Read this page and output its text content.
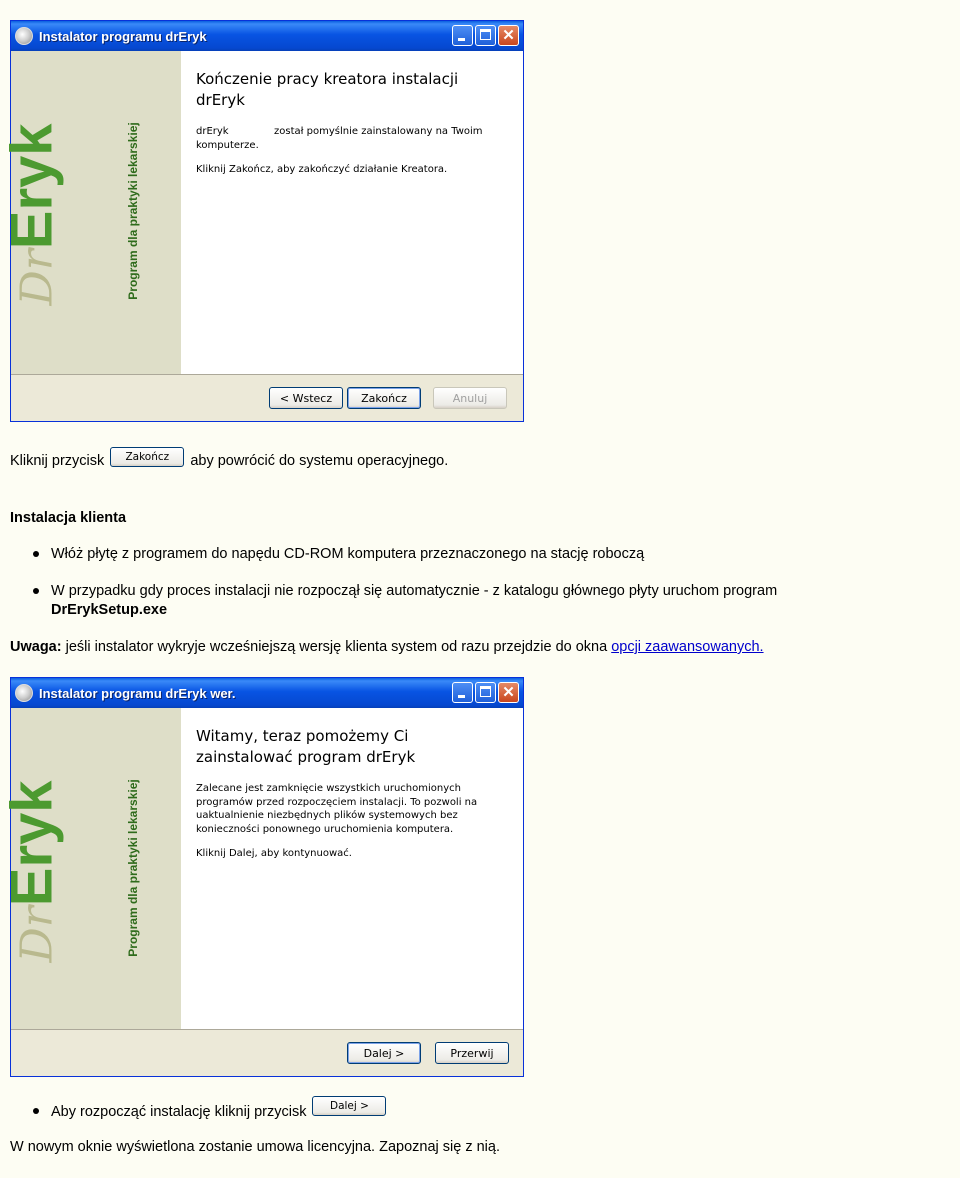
Instalator programu drEryk	✕
DrEryk	Program dla praktyki lekarskiej
Kończenie pracy kreatora instalacji
drEryk
drEryk	został pomyślnie zainstalowany na Twoim
komputerze.
Kliknij Zakończ, aby zakończyć działanie Kreatora.
< Wstecz	Zakończ	Anuluj
Kliknij przycisk Zakończ aby powrócić do systemu operacyjnego.
Instalacja klienta
Włóż płytę z programem do napędu CD-ROM komputera przeznaczonego na stację roboczą
W przypadku gdy proces instalacji nie rozpoczął się automatycznie - z katalogu głównego płyty uruchom program
DrErykSetup.exe
Uwaga: jeśli instalator wykryje wcześniejszą wersję klienta system od razu przejdzie do okna opcji zaawansowanych.
Instalator programu drEryk wer.	✕
DrEryk	Program dla praktyki lekarskiej
Witamy, teraz pomożemy Ci
zainstalować program drEryk
Zalecane jest zamknięcie wszystkich uruchomionych
programów przed rozpoczęciem instalacji. To pozwoli na
uaktualnienie niezbędnych plików systemowych bez
konieczności ponownego uruchomienia komputera.
Kliknij Dalej, aby kontynuować.
Dalej >	Przerwij
Aby rozpocząć instalację kliknij przycisk Dalej >
W nowym oknie wyświetlona zostanie umowa licencyjna. Zapoznaj się z nią.
